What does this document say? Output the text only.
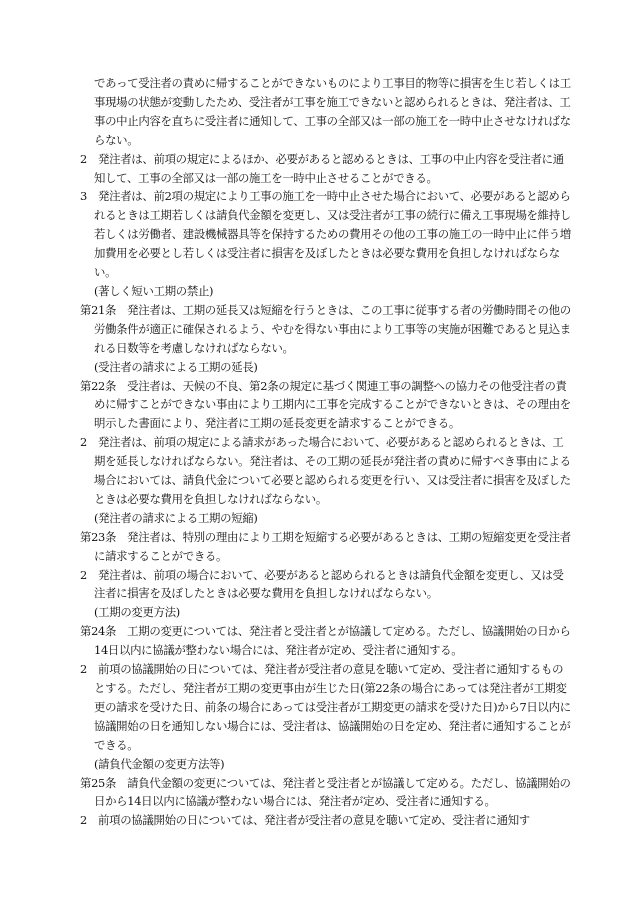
であって受注者の責めに帰することができないものにより工事目的物等に損害を生じ若しくは工事現場の状態が変動したため、受注者が工事を施工できないと認められるときは、発注者は、工事の中止内容を直ちに受注者に通知して、工事の全部又は一部の施工を一時中止させなければならない。
2　発注者は、前項の規定によるほか、必要があると認めるときは、工事の中止内容を受注者に通知して、工事の全部又は一部の施工を一時中止させることができる。
3　発注者は、前2項の規定により工事の施工を一時中止させた場合において、必要があると認められるときは工期若しくは請負代金額を変更し、又は受注者が工事の続行に備え工事現場を維持し若しくは労働者、建設機械器具等を保持するための費用その他の工事の施工の一時中止に伴う増加費用を必要とし若しくは受注者に損害を及ぼしたときは必要な費用を負担しなければならない。
(著しく短い工期の禁止)
第21条　発注者は、工期の延長又は短縮を行うときは、この工事に従事する者の労働時間その他の労働条件が適正に確保されるよう、やむを得ない事由により工事等の実施が困難であると見込まれる日数等を考慮しなければならない。
(受注者の請求による工期の延長)
第22条　受注者は、天候の不良、第2条の規定に基づく関連工事の調整への協力その他受注者の責めに帰すことができない事由により工期内に工事を完成することができないときは、その理由を明示した書面により、発注者に工期の延長変更を請求することができる。
2　発注者は、前項の規定による請求があった場合において、必要があると認められるときは、工期を延長しなければならない。発注者は、その工期の延長が発注者の責めに帰すべき事由による場合においては、請負代金について必要と認められる変更を行い、又は受注者に損害を及ぼしたときは必要な費用を負担しなければならない。
(発注者の請求による工期の短縮)
第23条　発注者は、特別の理由により工期を短縮する必要があるときは、工期の短縮変更を受注者に請求することができる。
2　発注者は、前項の場合において、必要があると認められるときは請負代金額を変更し、又は受注者に損害を及ぼしたときは必要な費用を負担しなければならない。
(工期の変更方法)
第24条　工期の変更については、発注者と受注者とが協議して定める。ただし、協議開始の日から14日以内に協議が整わない場合には、発注者が定め、受注者に通知する。
2　前項の協議開始の日については、発注者が受注者の意見を聴いて定め、受注者に通知するものとする。ただし、発注者が工期の変更事由が生じた日(第22条の場合にあっては発注者が工期変更の請求を受けた日、前条の場合にあっては受注者が工期変更の請求を受けた日)から7日以内に協議開始の日を通知しない場合には、受注者は、協議開始の日を定め、発注者に通知することができる。
(請負代金額の変更方法等)
第25条　請負代金額の変更については、発注者と受注者とが協議して定める。ただし、協議開始の日から14日以内に協議が整わない場合には、発注者が定め、受注者に通知する。
2　前項の協議開始の日については、発注者が受注者の意見を聴いて定め、受注者に通知す
